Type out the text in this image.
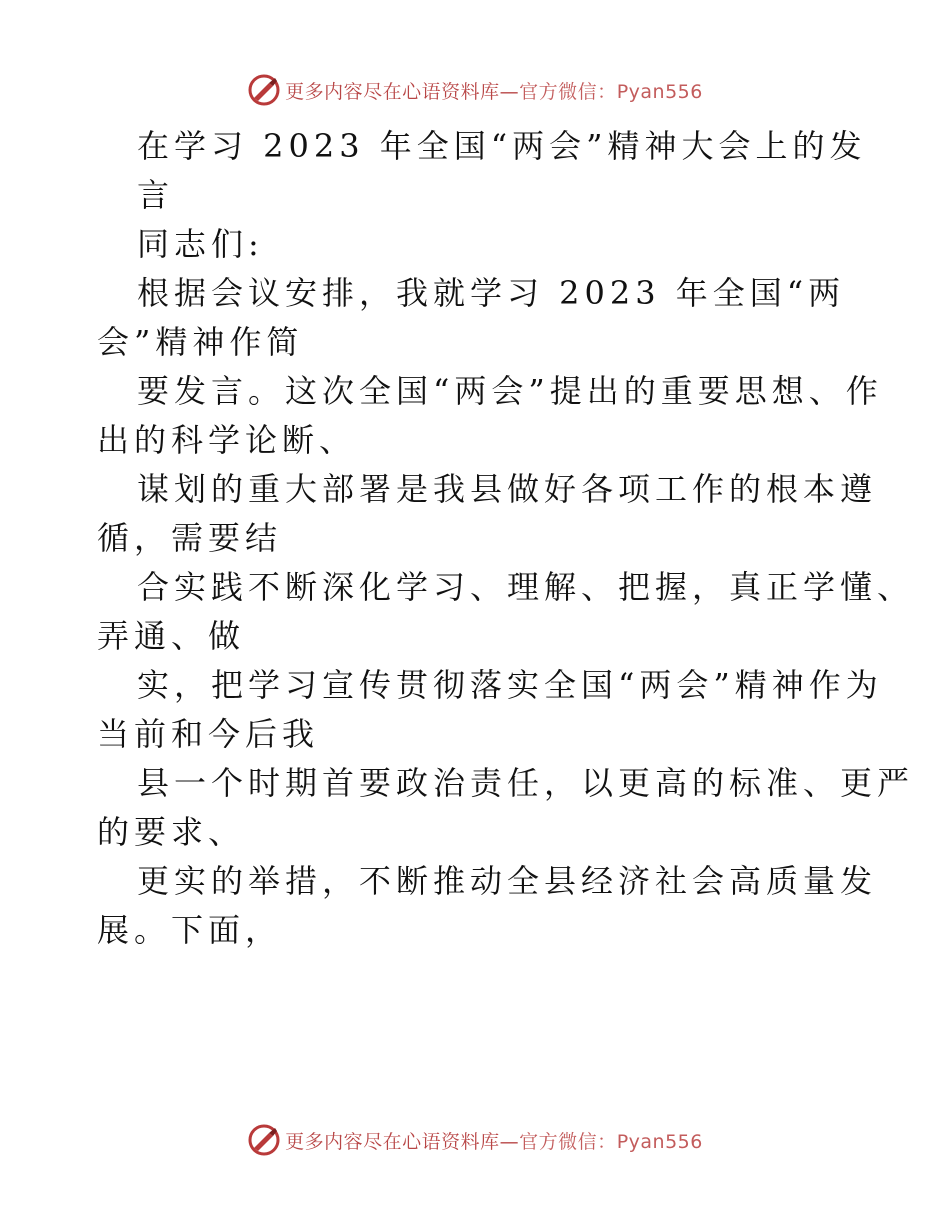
更多内容尽在心语资料库—官方微信：Pyan556

在学习 2023 年全国“两会”精神大会上的发
言

同志们:

根据会议安排，我就学习 2023 年全国“两
会”精神作简

要发言。这次全国“两会”提出的重要思想、作
出的科学论断、

谋划的重大部署是我县做好各项工作的根本遵
循，需要结

合实践不断深化学习、理解、把握，真正学懂、
弄通、做

实，把学习宣传贯彻落实全国“两会”精神作为
当前和今后我

县一个时期首要政治责任，以更高的标准、更严
的要求、

更实的举措，不断推动全县经济社会高质量发
展。下面，

更多内容尽在心语资料库—官方微信：Pyan556
